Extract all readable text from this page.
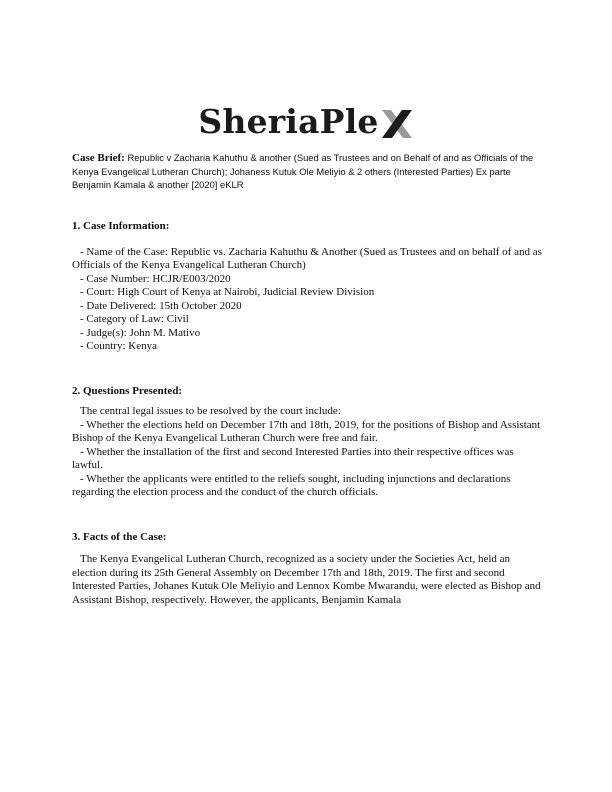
SheriaPle
Case Brief: Republic v Zacharia Kahuthu & another (Sued as Trustees and on Behalf of and as Officials of the Kenya Evangelical Lutheran Church); Johaness Kutuk Ole Meliyio & 2 others (Interested Parties) Ex parte Benjamin Kamala & another [2020] eKLR
1. Case Information:

- Name of the Case: Republic vs. Zacharia Kahuthu & Another (Sued as Trustees and on behalf of and as Officials of the Kenya Evangelical Lutheran Church)

- Case Number: HCJR/E003/2020

- Court: High Court of Kenya at Nairobi, Judicial Review Division

- Date Delivered: 15th October 2020

- Category of Law: Civil

- Judge(s): John M. Mativo

- Country: Kenya

2. Questions Presented:

The central legal issues to be resolved by the court include:

- Whether the elections held on December 17th and 18th, 2019, for the positions of Bishop and Assistant Bishop of the Kenya Evangelical Lutheran Church were free and fair.

- Whether the installation of the first and second Interested Parties into their respective offices was lawful.

- Whether the applicants were entitled to the reliefs sought, including injunctions and declarations regarding the election process and the conduct of the church officials.

3. Facts of the Case:

The Kenya Evangelical Lutheran Church, recognized as a society under the Societies Act, held an election during its 25th General Assembly on December 17th and 18th, 2019. The first and second Interested Parties, Johanes Kutuk Ole Meliyio and Lennox Kombe Mwarandu, were elected as Bishop and Assistant Bishop, respectively. However, the applicants, Benjamin Kamala
